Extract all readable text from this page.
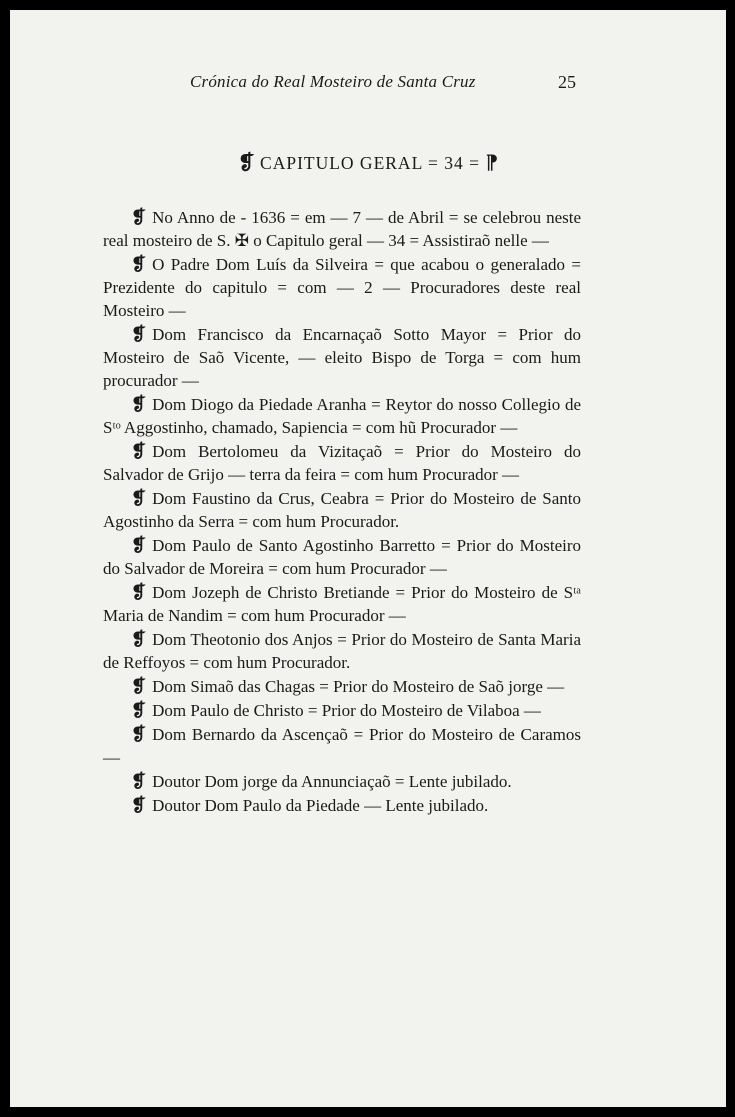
Crónica do Real Mosteiro de Santa Cruz	25
❡ CAPITULO GERAL = 34 = ⁋

❡ No Anno de - 1636 = em — 7 — de Abril = se celebrou neste real mosteiro de S. ✠ o Capitulo geral — 34 = Assistiraõ nelle —

❡ O Padre Dom Luís da Silveira = que acabou o generalado = Prezidente do capitulo = com — 2 — Procuradores deste real Mosteiro —

❡ Dom Francisco da Encarnaçaõ Sotto Mayor = Prior do Mosteiro de Saõ Vicente, — eleito Bispo de Torga = com hum procurador —

❡ Dom Diogo da Piedade Aranha = Reytor do nosso Collegio de Sᵗᵒ Aggostinho, chamado, Sapiencia = com hũ Procurador —

❡ Dom Bertolomeu da Vizitaçaõ = Prior do Mosteiro do Salvador de Grijo — terra da feira = com hum Procurador —

❡ Dom Faustino da Crus, Ceabra = Prior do Mosteiro de Santo Agostinho da Serra = com hum Procurador.

❡ Dom Paulo de Santo Agostinho Barretto = Prior do Mosteiro do Salvador de Moreira = com hum Procurador —

❡ Dom Jozeph de Christo Bretiande = Prior do Mosteiro de Sᵗᵃ Maria de Nandim = com hum Procurador —

❡ Dom Theotonio dos Anjos = Prior do Mosteiro de Santa Maria de Reffoyos = com hum Procurador.

❡ Dom Simaõ das Chagas = Prior do Mosteiro de Saõ jorge —

❡ Dom Paulo de Christo = Prior do Mosteiro de Vilaboa —

❡ Dom Bernardo da Ascençaõ = Prior do Mosteiro de Caramos —

❡ Doutor Dom jorge da Annunciaçaõ = Lente jubilado.

❡ Doutor Dom Paulo da Piedade — Lente jubilado.
